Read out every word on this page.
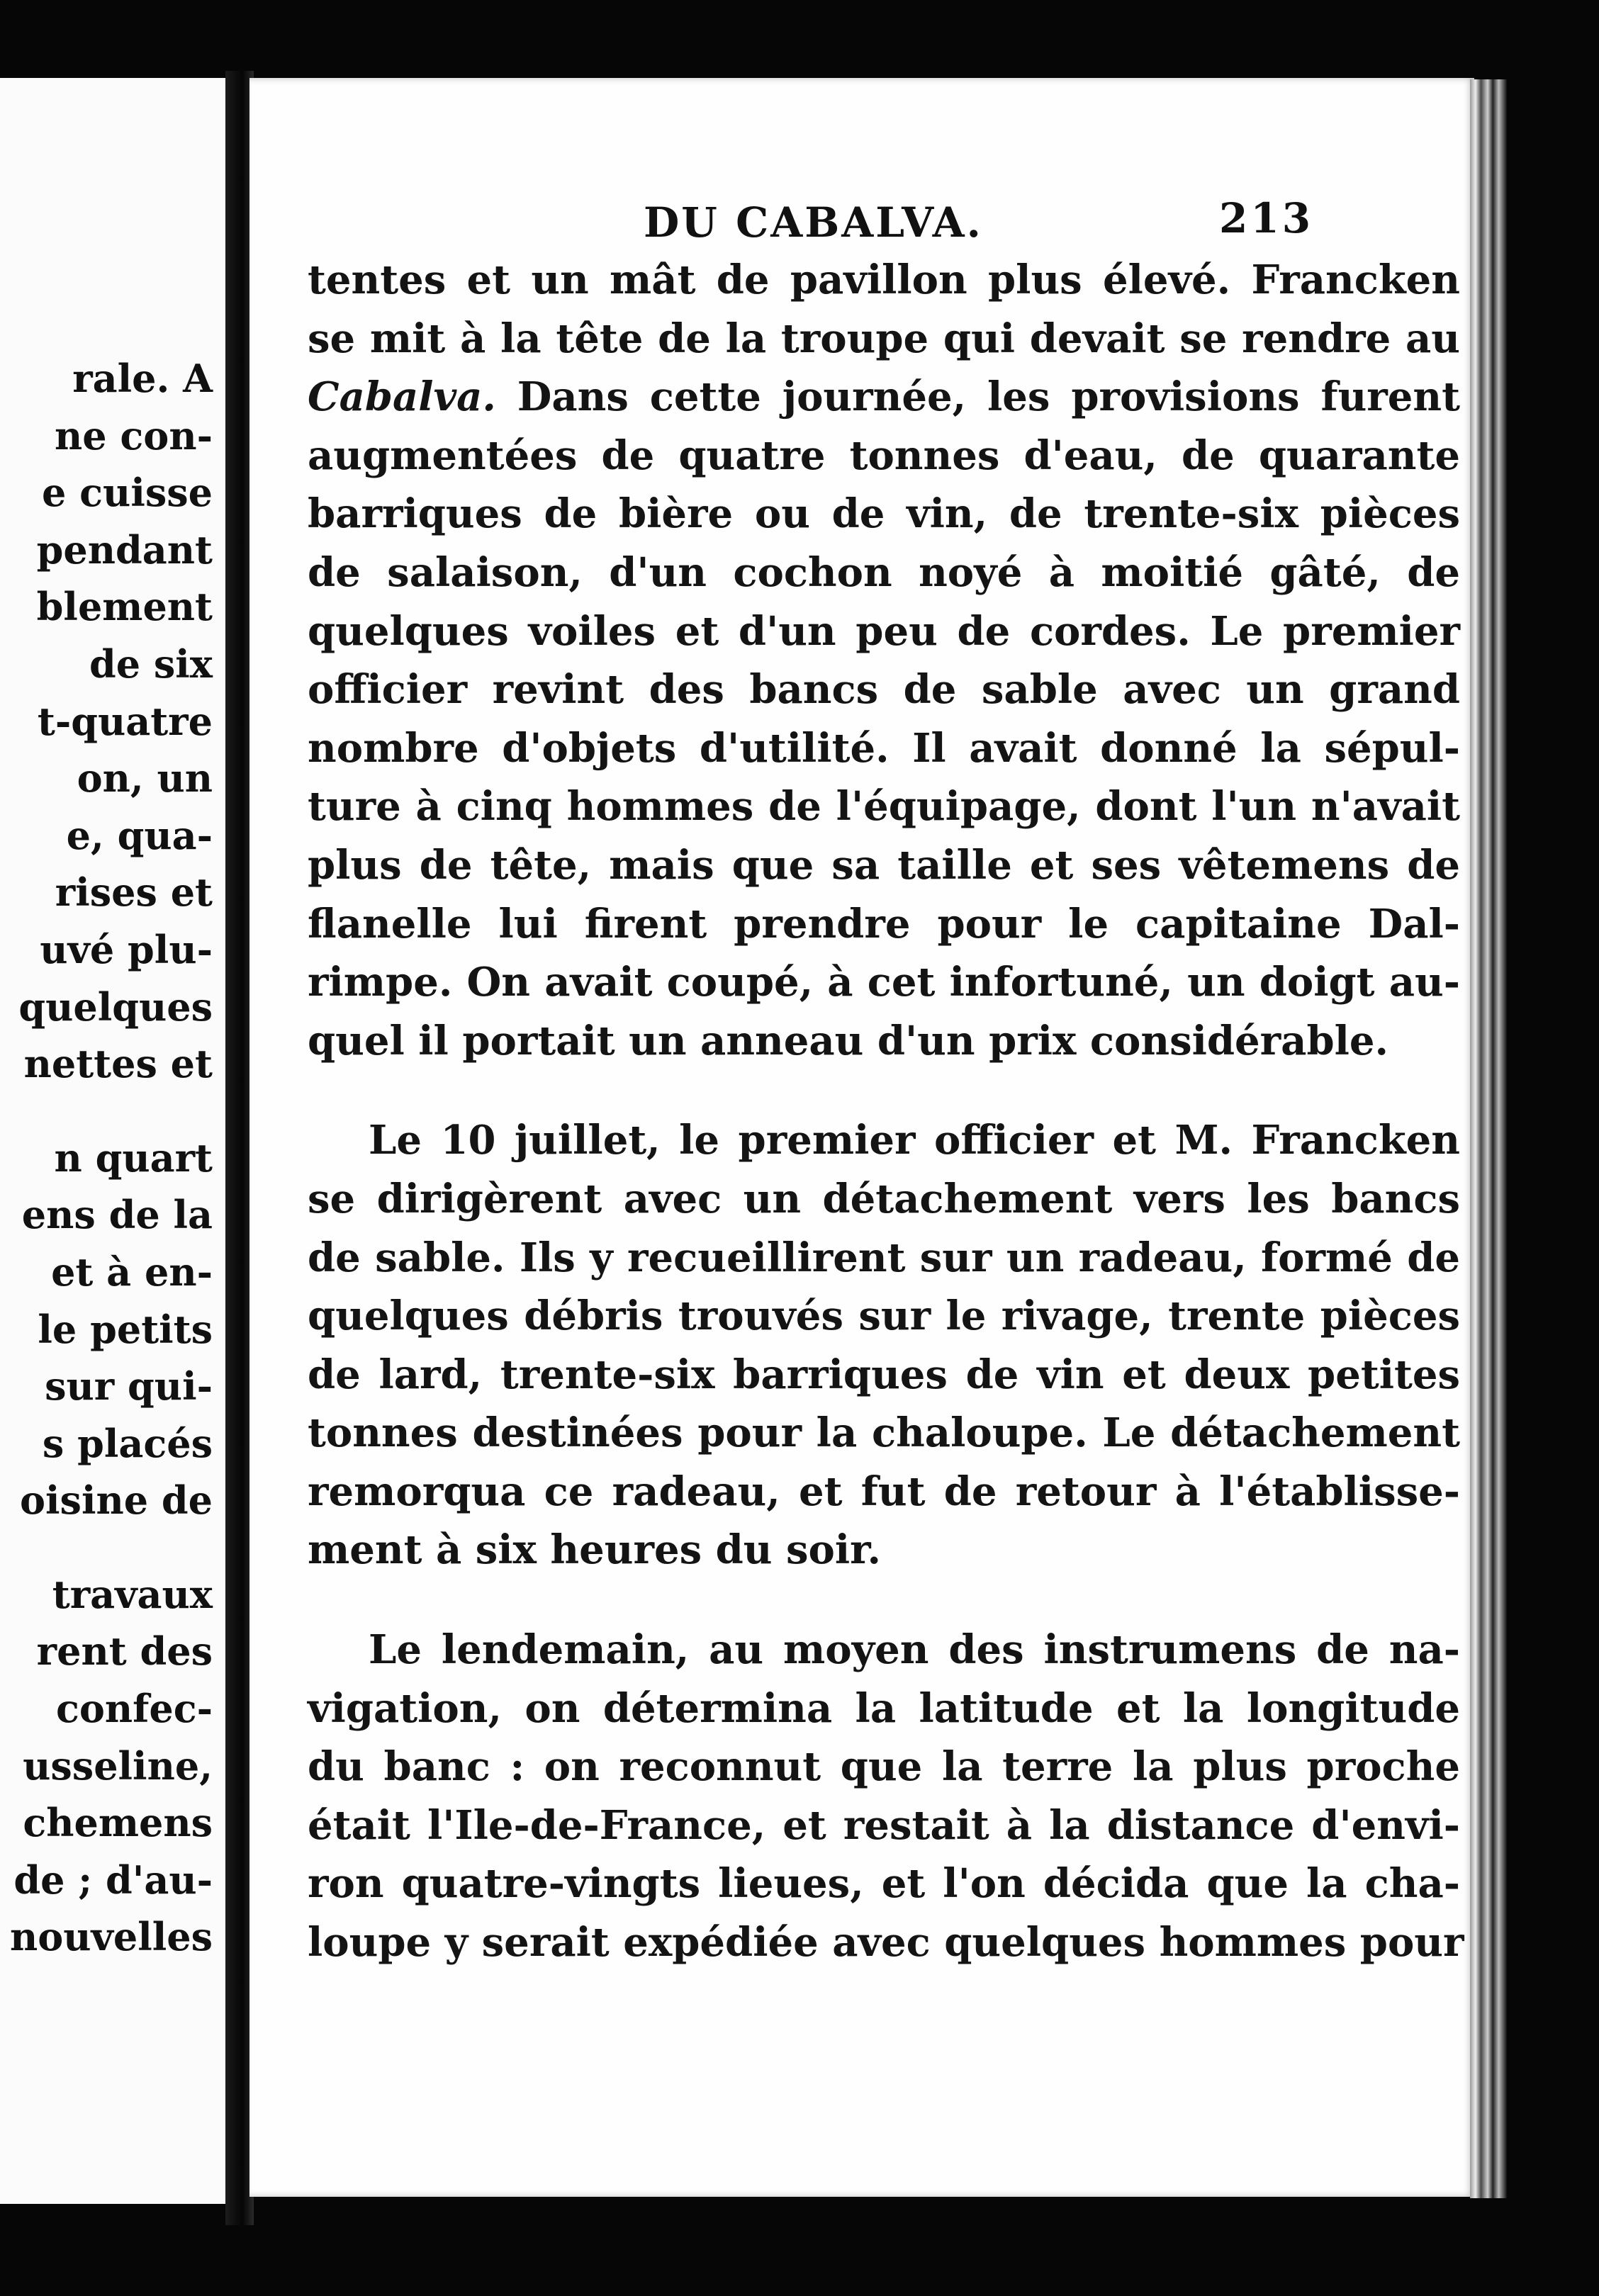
rale. A
ne con-
e cuisse
pendant
blement
de six
t-quatre
on, un
e, qua-
rises et
uvé plu-
quelques
nettes et
n quart
ens de la
et à en-
le petits
sur qui-
s placés
oisine de
travaux
rent des
confec-
usseline,
chemens
de ; d'au-
nouvelles
DU CABALVA.	213
tentes et un mât de pavillon plus élevé. Francken
se mit à la tête de la troupe qui devait se rendre au
Cabalva. Dans cette journée, les provisions furent
augmentées de quatre tonnes d'eau, de quarante
barriques de bière ou de vin, de trente-six pièces
de salaison, d'un cochon noyé à moitié gâté, de
quelques voiles et d'un peu de cordes. Le premier
officier revint des bancs de sable avec un grand
nombre d'objets d'utilité. Il avait donné la sépul-
ture à cinq hommes de l'équipage, dont l'un n'avait
plus de tête, mais que sa taille et ses vêtemens de
flanelle lui firent prendre pour le capitaine Dal-
rimpe. On avait coupé, à cet infortuné, un doigt au-
quel il portait un anneau d'un prix considérable.
Le 10 juillet, le premier officier et M. Francken
se dirigèrent avec un détachement vers les bancs
de sable. Ils y recueillirent sur un radeau, formé de
quelques débris trouvés sur le rivage, trente pièces
de lard, trente-six barriques de vin et deux petites
tonnes destinées pour la chaloupe. Le détachement
remorqua ce radeau, et fut de retour à l'établisse-
ment à six heures du soir.
Le lendemain, au moyen des instrumens de na-
vigation, on détermina la latitude et la longitude
du banc : on reconnut que la terre la plus proche
était l'Ile-de-France, et restait à la distance d'envi-
ron quatre-vingts lieues, et l'on décida que la cha-
loupe y serait expédiée avec quelques hommes pour
